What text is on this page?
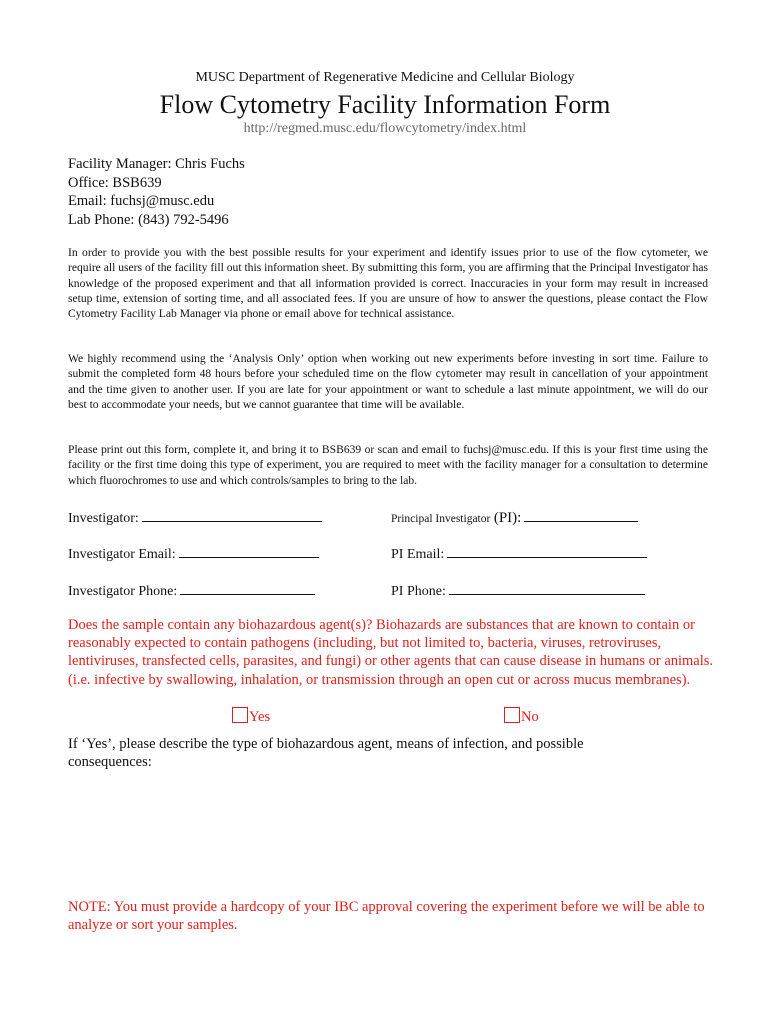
MUSC Department of Regenerative Medicine and Cellular Biology
Flow Cytometry Facility Information Form
http://regmed.musc.edu/flowcytometry/index.html
Facility Manager: Chris Fuchs
Office: BSB639
Email: fuchsj@musc.edu
Lab Phone: (843) 792-5496
In order to provide you with the best possible results for your experiment and identify issues prior to use of the flow cytometer, we require all users of the facility fill out this information sheet. By submitting this form, you are affirming that the Principal Investigator has knowledge of the proposed experiment and that all information provided is correct. Inaccuracies in your form may result in increased setup time, extension of sorting time, and all associated fees. If you are unsure of how to answer the questions, please contact the Flow Cytometry Facility Lab Manager via phone or email above for technical assistance.
We highly recommend using the ‘Analysis Only’ option when working out new experiments before investing in sort time. Failure to submit the completed form 48 hours before your scheduled time on the flow cytometer may result in cancellation of your appointment and the time given to another user. If you are late for your appointment or want to schedule a last minute appointment, we will do our best to accommodate your needs, but we cannot guarantee that time will be available.
Please print out this form, complete it, and bring it to BSB639 or scan and email to fuchsj@musc.edu. If this is your first time using the facility or the first time doing this type of experiment, you are required to meet with the facility manager for a consultation to determine which fluorochromes to use and which controls/samples to bring to the lab.
Investigator:	Principal Investigator (PI):
Investigator Email:	PI Email:
Investigator Phone:	PI Phone:
Does the sample contain any biohazardous agent(s)? Biohazards are substances that are known to contain or reasonably expected to contain pathogens (including, but not limited to, bacteria, viruses, retroviruses, lentiviruses, transfected cells, parasites, and fungi) or other agents that can cause disease in humans or animals. (i.e. infective by swallowing, inhalation, or transmission through an open cut or across mucus membranes).
Yes	No
If ‘Yes’, please describe the type of biohazardous agent, means of infection, and possible consequences:
NOTE: You must provide a hardcopy of your IBC approval covering the experiment before we will be able to analyze or sort your samples.
